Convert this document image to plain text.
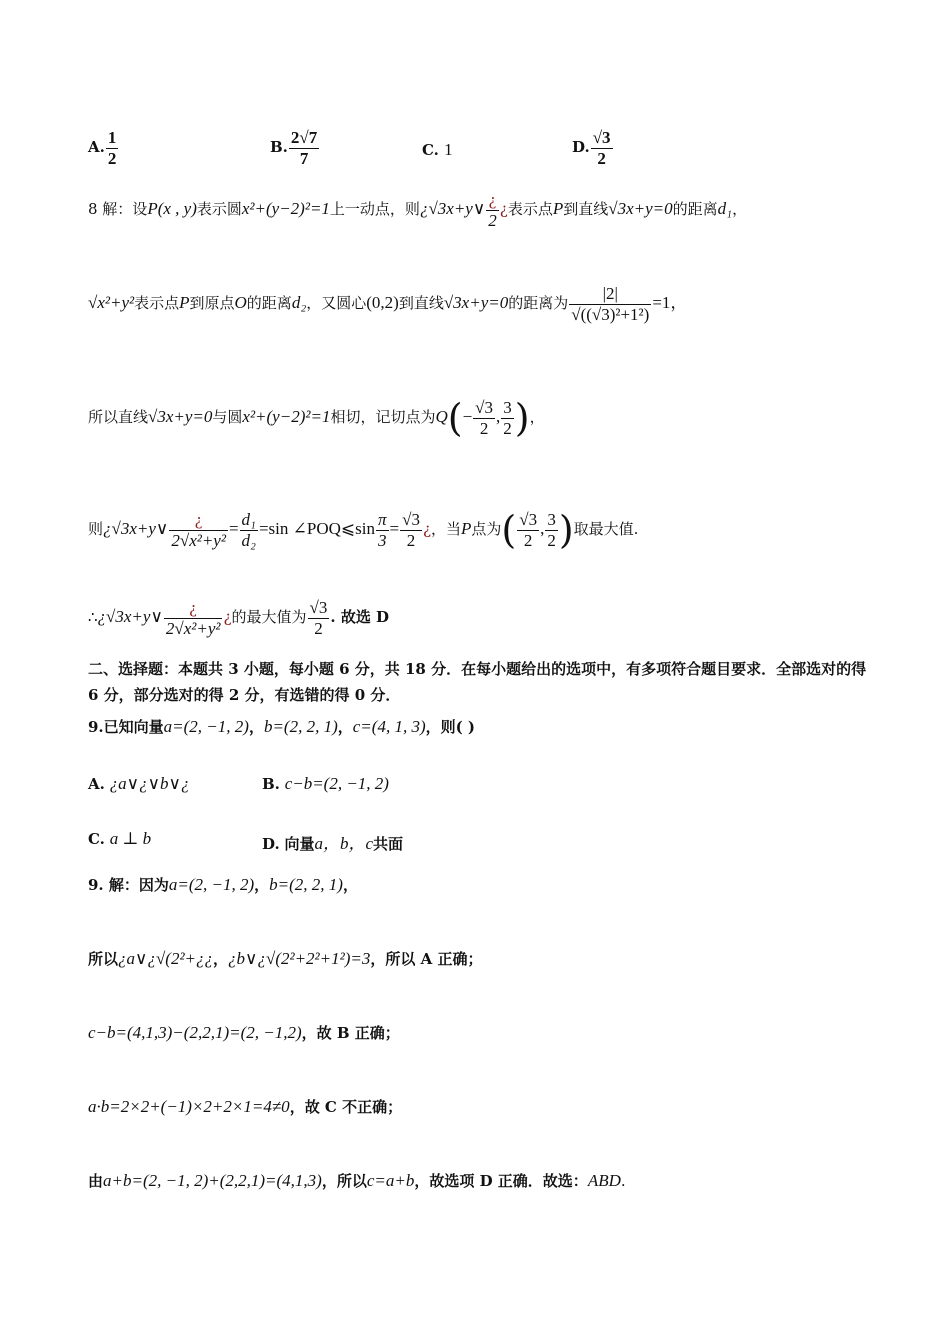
A. $\frac{1}{2}$	B. $\frac{2√7}{7}$	C. 1	D. $\frac{√3}{2}$
8 解：设P(x , y)表示圆x²+(y−2)²=1上一动点，则¿√3x+y∨ $\frac{¿}{2}$ ¿表示点P到直线√3x+y=0的距离d₁，
√x²+y²表示点P到原点O的距离d₂，又圆心(0,2)到直线√3x+y=0的距离为 $\frac{|2|}{\text{√((√3)²+1²)}} =1$，
所以直线√3x+y=0与圆x²+(y−2)²=1相切，记切点为$Q(- \frac{√3}{2}$ , $\frac{3}{2}$ )，
则¿√3x+y∨ $\frac{¿}{\text{2√x²+y²}} = \frac{\text{d₁}}{\text{d₂}} =\sin$ ∠POQ⩽sin $\frac{\pi}{3} = \frac{√3}{2}$ ¿，当P点为( $\frac{√3}{2}$ , $\frac{3}{2}$ )取最大值.
∴¿√3x+y∨ $\frac{¿}{\text{2√x²+y²}}$ ¿的最大值为 $\frac{√3}{2}$ . 故选 D
二、选择题：本题共 3 小题，每小题 6 分，共 18 分．在每小题给出的选项中，有多项符合题目要求．全部选对的得 6 分，部分选对的得 2 分，有选错的得 0 分．
9.已知向量a=(2, −1, 2)，b=(2, 2, 1)，c=(4, 1, 3)，则( )
A. ¿a∨¿∨b∨¿	B. c−b=(2, −1, 2)
C. a ⊥ b	D. 向量a，b，c共面
9. 解：因为a=(2, −1, 2)，b=(2, 2, 1)，
所以¿a∨¿√(2²+¿¿，¿b∨¿√(2²+2²+1²)=3，所以 A 正确；
c−b=(4,1,3)−(2,2,1)=(2, −1,2)，故 B 正确；
a·b=2×2+(−1)×2+2×1=4≠0，故 C 不正确；
由a+b=(2, −1, 2)+(2,2,1)=(4,1,3)，所以c=a+b，故选项 D 正确．故选：ABD.
